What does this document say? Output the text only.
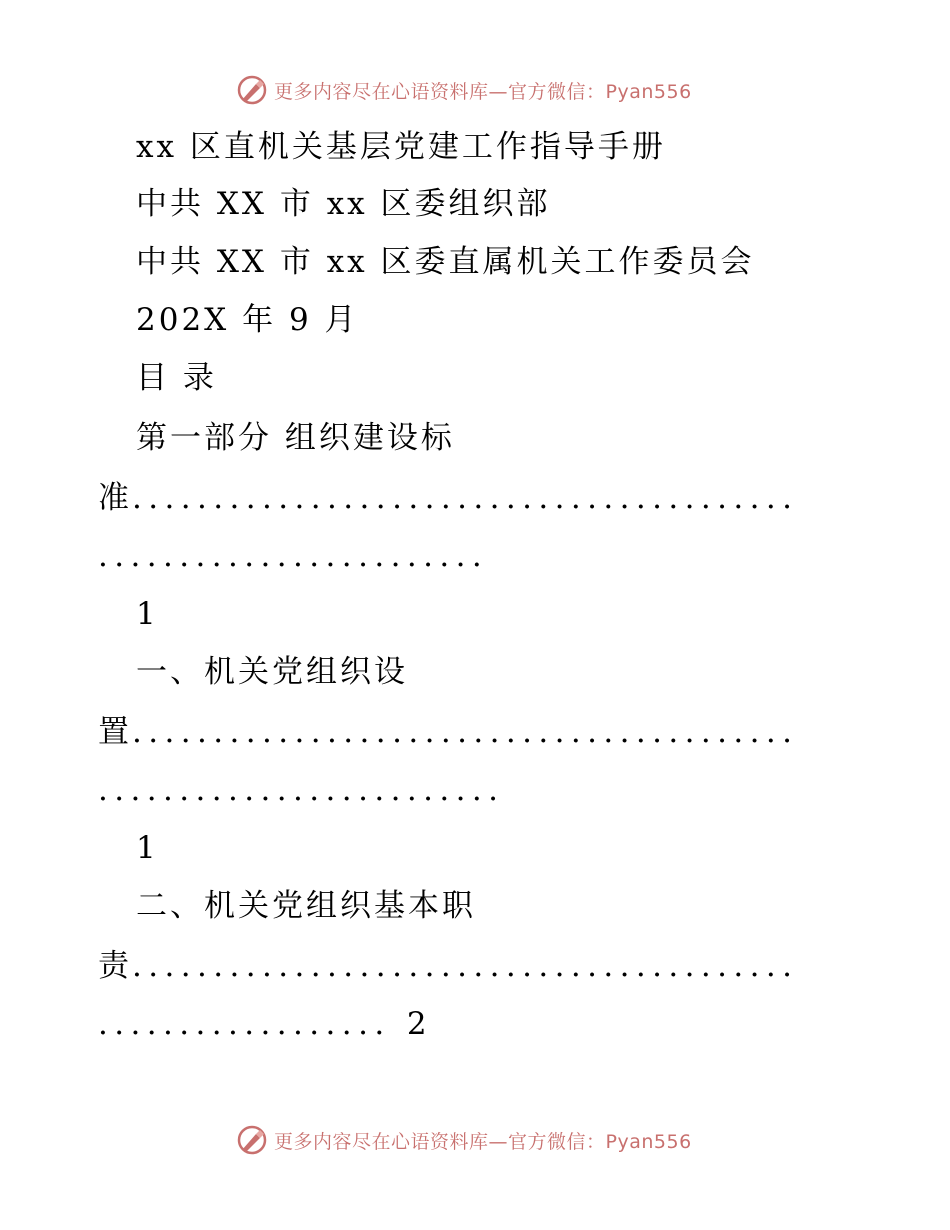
更多内容尽在心语资料库—官方微信：Pyan556
xx 区直机关基层党建工作指导手册
中共 XX 市 xx 区委组织部
中共 XX 市 xx 区委直属机关工作委员会
202X 年 9 月
目 录
第一部分 组织建设标
准.........................................
........................
1
一、机关党组织设
置.........................................
.........................
1
二、机关党组织基本职
责.........................................
.................. 2
更多内容尽在心语资料库—官方微信：Pyan556
